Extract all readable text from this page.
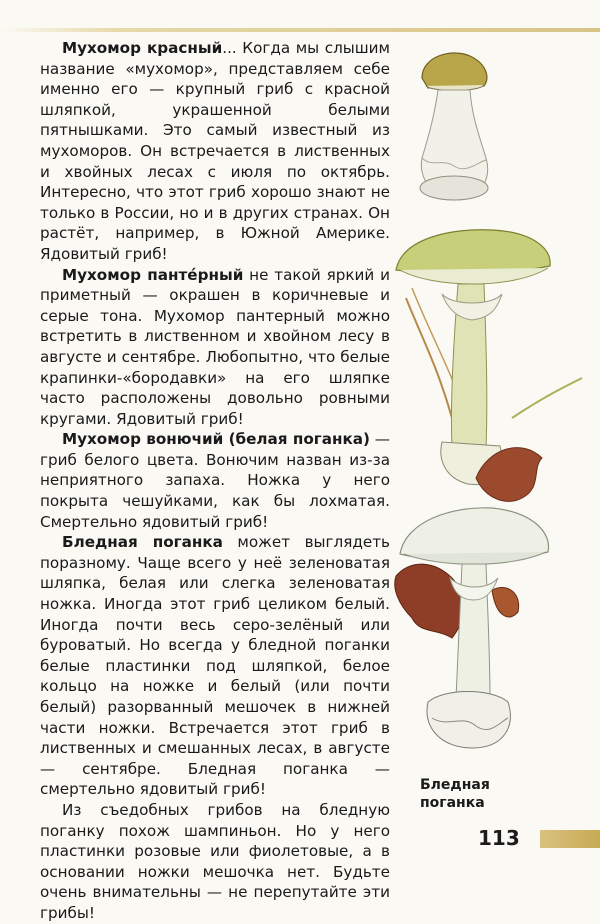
Мухомор красный... Когда мы слышим название «мухомор», представляем себе именно его — крупный гриб с красной шляпкой, украшенной белыми пятнышками. Это самый известный из мухоморов. Он встречается в лиственных и хвойных лесах с июля по октябрь. Интересно, что этот гриб хорошо знают не только в России, но и в других странах. Он растёт, например, в Южной Америке. Ядовитый гриб!

Мухомор пантéрный не такой яркий и приметный — окрашен в коричневые и серые тона. Мухомор пантерный можно встретить в лиственном и хвойном лесу в августе и сентябре. Любопытно, что белые крапинки-«бородавки» на его шляпке часто расположены довольно ровными кругами. Ядовитый гриб!

Мухомор вонючий (белая поганка) — гриб белого цвета. Вонючим назван из-за неприятного запаха. Ножка у него покрыта чешуйками, как бы лохматая. Смертельно ядовитый гриб!

Бледная поганка может выглядеть поразному. Чаще всего у неё зеленоватая шляпка, белая или слегка зеленоватая ножка. Иногда этот гриб целиком белый. Иногда почти весь серо-зелёный или буроватый. Но всегда у бледной поганки белые пластинки под шляпкой, белое кольцо на ножке и белый (или почти белый) разорванный мешочек в нижней части ножки. Встречается этот гриб в лиственных и смешанных лесах, в августе — сентябре. Бледная поганка — смертельно ядовитый гриб!

Из съедобных грибов на бледную поганку похож шампиньон. Но у него пластинки розовые или фиолетовые, а в основании ножки мешочка нет. Будьте очень внимательны — не перепутайте эти грибы!

Бледная поганка
113
